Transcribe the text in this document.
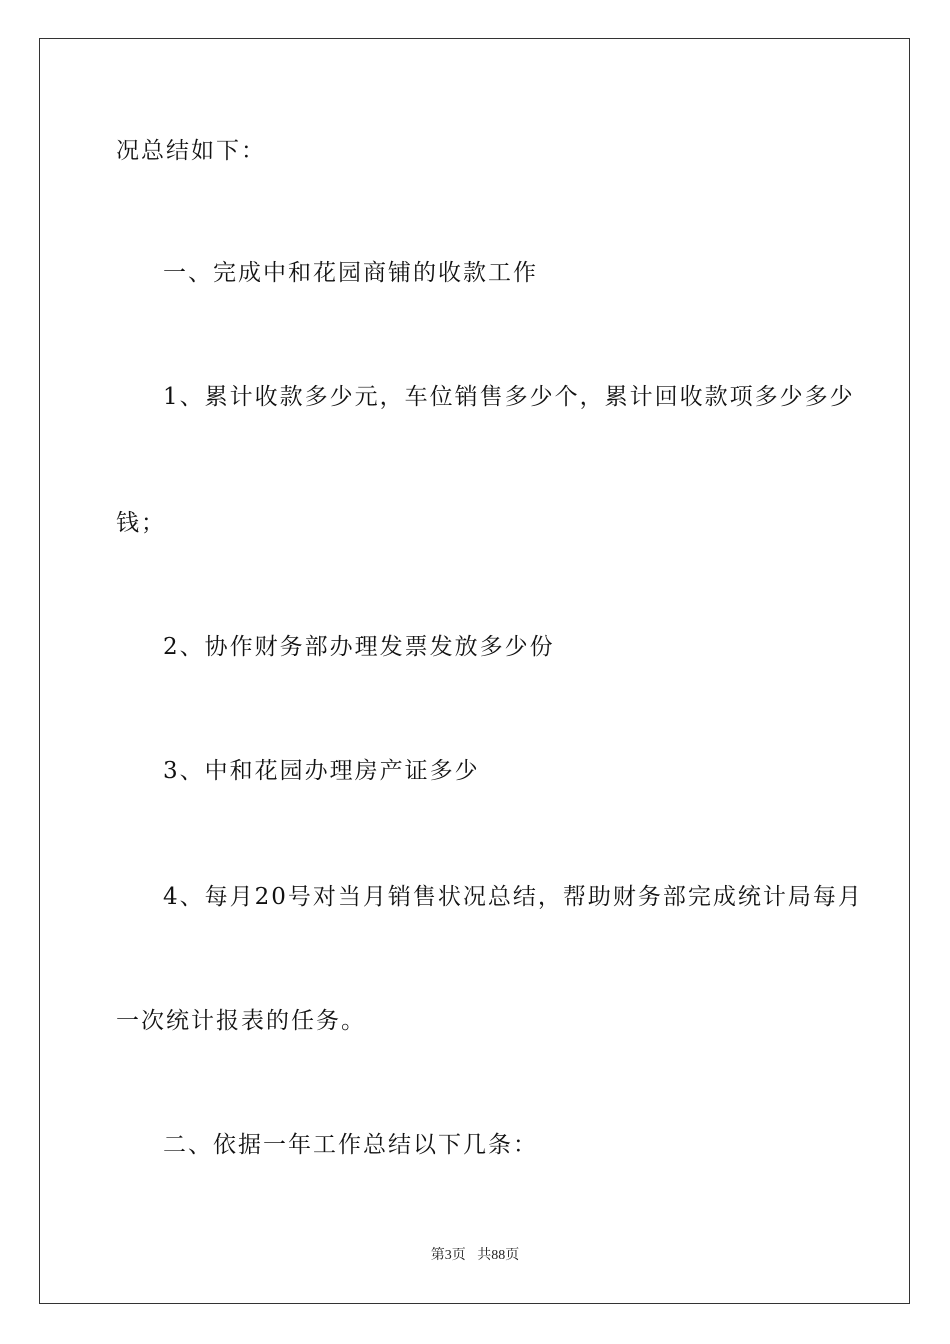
况总结如下：
一、完成中和花园商铺的收款工作
1、累计收款多少元，车位销售多少个，累计回收款项多少多少
钱；
2、协作财务部办理发票发放多少份
3、中和花园办理房产证多少
4、每月20号对当月销售状况总结，帮助财务部完成统计局每月
一次统计报表的任务。
二、依据一年工作总结以下几条：
第3页 共88页
